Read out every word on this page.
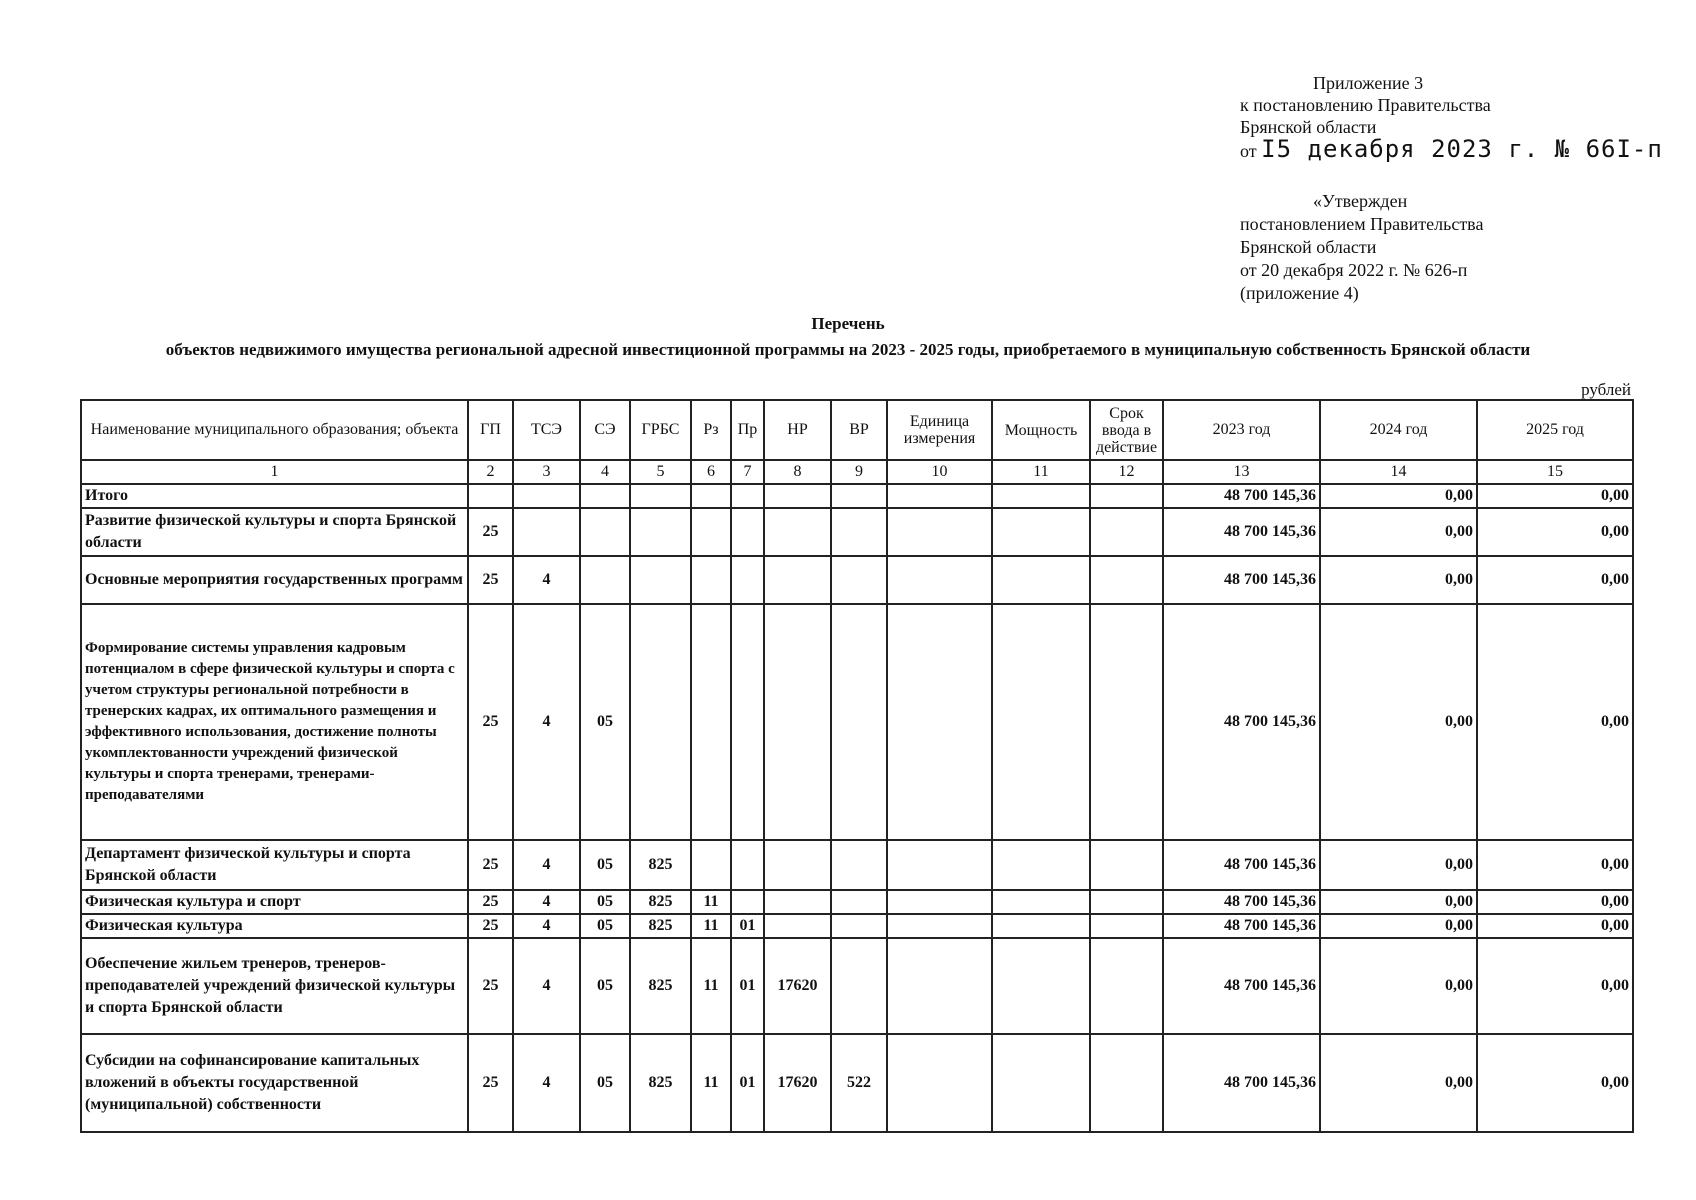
Приложение 3
к постановлению Правительства
Брянской области
от I5 декабря 2023 г. № 66I-п
«Утвержден
постановлением Правительства
Брянской области
от 20 декабря 2022 г. № 626-п
(приложение 4)
Перечень
объектов недвижимого имущества региональной адресной инвестиционной программы на 2023 - 2025 годы, приобретаемого в муниципальную собственность Брянской области
рублей
Наименование муниципального образования; объекта	ГП	ТСЭ	СЭ	ГРБС	Рз	Пр	НР	ВР	Единица измерения	Мощность	Срок ввода в действие	2023 год	2024 год	2025 год
1	2	3	4	5	6	7	8	9	10	11	12	13	14	15
Итого												48 700 145,36	0,00	0,00
Развитие физической культуры и спорта Брянской области	25											48 700 145,36	0,00	0,00
Основные мероприятия государственных программ	25	4										48 700 145,36	0,00	0,00
Формирование системы управления кадровым потенциалом в сфере физической культуры и спорта с учетом структуры региональной потребности в тренерских кадрах, их оптимального размещения и эффективного использования, достижение полноты укомплектованности учреждений физической культуры и спорта тренерами, тренерами-преподавателями	25	4	05									48 700 145,36	0,00	0,00
Департамент физической культуры и спорта Брянской области	25	4	05	825								48 700 145,36	0,00	0,00
Физическая культура и спорт	25	4	05	825	11							48 700 145,36	0,00	0,00
Физическая культура	25	4	05	825	11	01						48 700 145,36	0,00	0,00
Обеспечение жильем тренеров, тренеров-преподавателей учреждений физической культуры и спорта Брянской области	25	4	05	825	11	01	17620					48 700 145,36	0,00	0,00
Субсидии на софинансирование капитальных вложений в объекты государственной (муниципальной) собственности	25	4	05	825	11	01	17620	522				48 700 145,36	0,00	0,00
